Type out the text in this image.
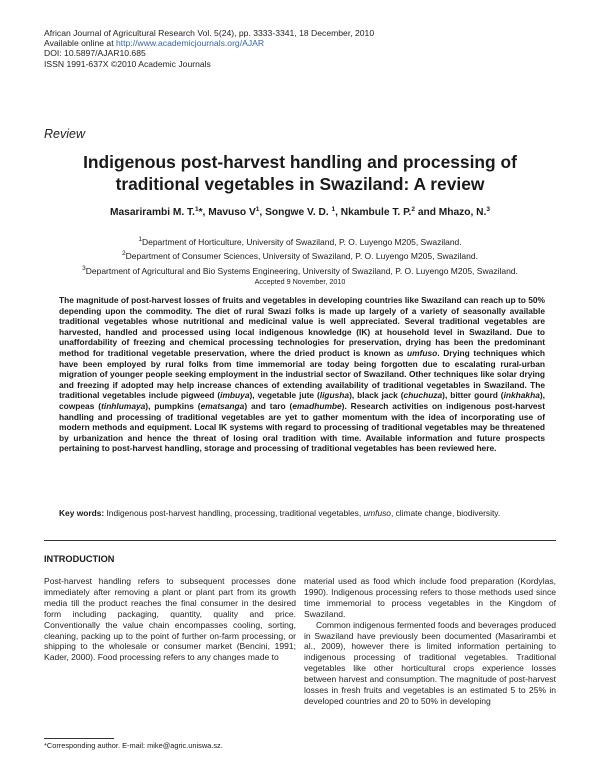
African Journal of Agricultural Research Vol. 5(24), pp. 3333-3341, 18 December, 2010
Available online at http://www.academicjournals.org/AJAR
DOI: 10.5897/AJAR10.685
ISSN 1991-637X ©2010 Academic Journals
Review
Indigenous post-harvest handling and processing of
traditional vegetables in Swaziland: A review
Masarirambi M. T.$^1$*, Mavuso $V^1$, Songwe V. D. $^1$, Nkambule T. P.$^2$ and Mhazo, N.$^3$
$^1$Department of Horticulture, University of Swaziland, P. O. Luyengo M205, Swaziland.
$^2$Department of Consumer Sciences, University of Swaziland, P. O. Luyengo M205, Swaziland.
$^3$Department of Agricultural and Bio Systems Engineering, University of Swaziland, P. O. Luyengo M205, Swaziland.
Accepted 9 November, 2010
The magnitude of post-harvest losses of fruits and vegetables in developing countries like Swaziland can reach up to 50% depending upon the commodity. The diet of rural Swazi folks is made up largely of a variety of seasonally available traditional vegetables whose nutritional and medicinal value is well appreciated. Several traditional vegetables are harvested, handled and processed using local indigenous knowledge (IK) at household level in Swaziland. Due to unaffordability of freezing and chemical processing technologies for preservation, drying has been the predominant method for traditional vegetable preservation, where the dried product is known as umfuso. Drying techniques which have been employed by rural folks from time immemorial are today being forgotten due to escalating rural-urban migration of younger people seeking employment in the industrial sector of Swaziland. Other techniques like solar drying and freezing if adopted may help increase chances of extending availability of traditional vegetables in Swaziland. The traditional vegetables include pigweed (imbuya), vegetable jute (ligusha), black jack (chuchuza), bitter gourd (inkhakha), cowpeas (tinhlumaya), pumpkins (ematsanga) and taro (emadhumbe). Research activities on indigenous post-harvest handling and processing of traditional vegetables are yet to gather momentum with the idea of incorporating use of modern methods and equipment. Local IK systems with regard to processing of traditional vegetables may be threatened by urbanization and hence the threat of losing oral tradition with time. Available information and future prospects pertaining to post-harvest handling, storage and processing of traditional vegetables has been reviewed here.
Key words: Indigenous post-harvest handling, processing, traditional vegetables, umfuso, climate change, biodiversity.
INTRODUCTION

Post-harvest handling refers to subsequent processes done immediately after removing a plant or plant part from its growth media till the product reaches the final consumer in the desired form including packaging, quantity, quality and price. Conventionally the value chain encompasses cooling, sorting, cleaning, packing up to the point of further on-farm processing, or shipping to the wholesale or consumer market (Bencini, 1991; Kader, 2000). Food processing refers to any changes made to

material used as food which include food preparation (Kordylas, 1990). Indigenous processing refers to those methods used since time immemorial to process vegetables in the Kingdom of Swaziland.

Common indigenous fermented foods and beverages produced in Swaziland have previously been documented (Masarirambi et al., 2009), however there is limited information pertaining to indigenous processing of traditional vegetables. Traditional vegetables like other horticultural crops experience losses between harvest and consumption. The magnitude of post-harvest losses in fresh fruits and vegetables is an estimated 5 to 25% in developed countries and 20 to 50% in developing

*Corresponding author. E-mail: mike@agric.uniswa.sz.
